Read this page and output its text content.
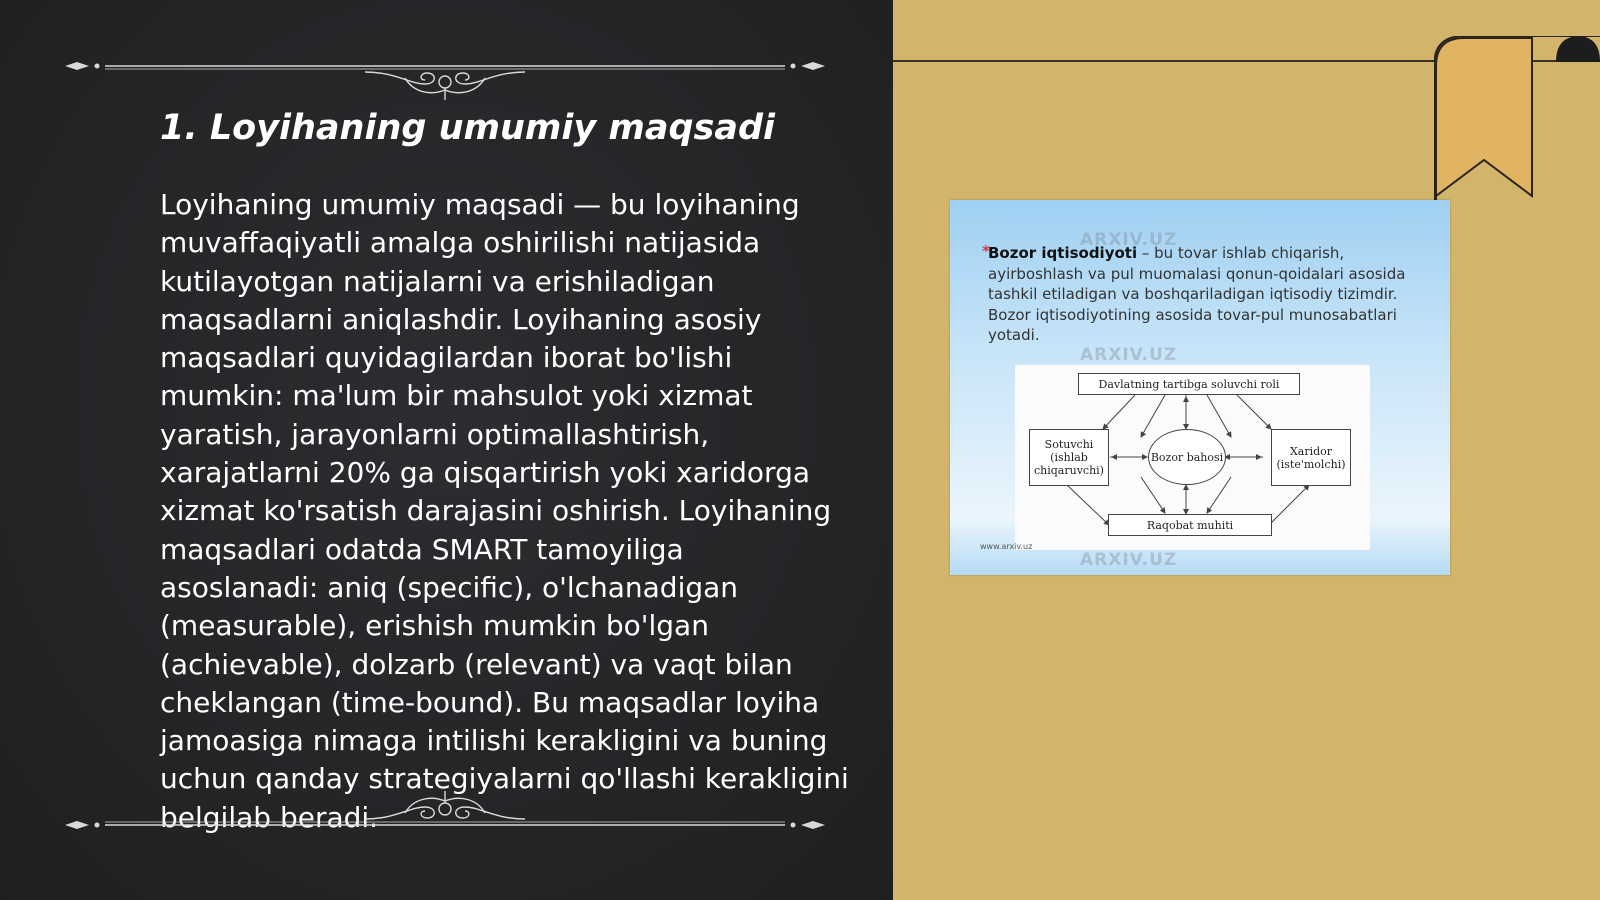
1. Loyihaning umumiy maqsadi

Loyihaning umumiy maqsadi — bu loyihaning muvaffaqiyatli amalga oshirilishi natijasida kutilayotgan natijalarni va erishiladigan maqsadlarni aniqlashdir. Loyihaning asosiy maqsadlari quyidagilardan iborat bo'lishi mumkin: ma'lum bir mahsulot yoki xizmat yaratish, jarayonlarni optimallashtirish, xarajatlarni 20% ga qisqartirish yoki xaridorga xizmat ko'rsatish darajasini oshirish. Loyihaning maqsadlari odatda SMART tamoyiliga asoslanadi: aniq (specific), o'lchanadigan (measurable), erishish mumkin bo'lgan (achievable), dolzarb (relevant) va vaqt bilan cheklangan (time-bound). Bu maqsadlar loyiha jamoasiga nimaga intilishi kerakligini va buning uchun qanday strategiyalarni qo'llashi kerakligini belgilab beradi.

ARXIV.UZ
*
Bozor iqtisodiyoti – bu tovar ishlab chiqarish, ayirboshlash va pul muomalasi qonun-qoidalari asosida tashkil etiladigan va boshqariladigan iqtisodiy tizimdir. Bozor iqtisodiyotining asosida tovar-pul munosabatlari yotadi.
ARXIV.UZ
Davlatning tartibga soluvchi roli
Sotuvchi (ishlab chiqaruvchi)
Bozor bahosi	Xaridor (iste'molchi)
Raqobat muhiti
ARXIV.UZ
www.arxiv.uz
